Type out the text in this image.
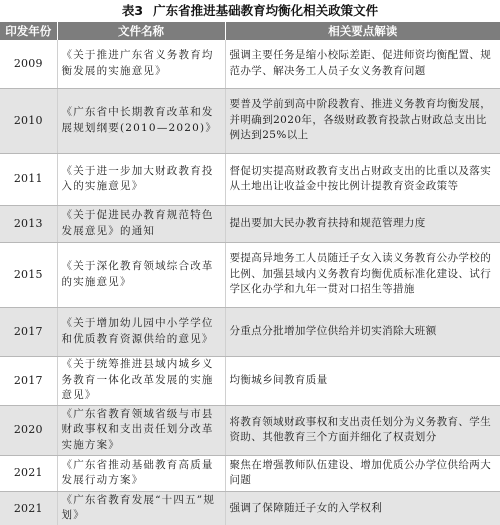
表3 广东省推进基础教育均衡化相关政策文件
印发年份	文件名称	相关要点解读
2009	《关于推进广东省义务教育均衡发展的实施意见》	强调主要任务是缩小校际差距、促进师资均衡配置、规范办学、解决务工人员子女义务教育问题
2010	《广东省中长期教育改革和发展规划纲要(2010—2020)》	要普及学前到高中阶段教育、推进义务教育均衡发展，并明确到2020年，各级财政教育投款占财政总支出比例达到25%以上
2011	《关于进一步加大财政教育投入的实施意见》	督促切实提高财政教育支出占财政支出的比重以及落实从土地出让收益金中按比例计提教育资金政策等
2013	《关于促进民办教育规范特色发展意见》的通知	提出要加大民办教育扶持和规范管理力度
2015	《关于深化教育领域综合改革的实施意见》	要提高异地务工人员随迁子女入读义务教育公办学校的比例、加强县域内义务教育均衡优质标准化建设、试行学区化办学和九年一贯对口招生等措施
2017	《关于增加幼儿园中小学学位和优质教育资源供给的意见》	分重点分批增加学位供给并切实消除大班额
2017	《关于统筹推进县域内城乡义务教育一体化改革发展的实施意见》	均衡城乡间教育质量
2020	《广东省教育领域省级与市县财政事权和支出责任划分改革实施方案》	将教育领域财政事权和支出责任划分为义务教育、学生资助、其他教育三个方面并细化了权责划分
2021	《广东省推动基础教育高质量发展行动方案》	聚焦在增强教师队伍建设、增加优质公办学位供给两大问题
2021	《广东省教育发展“十四五”规划》	强调了保障随迁子女的入学权利
